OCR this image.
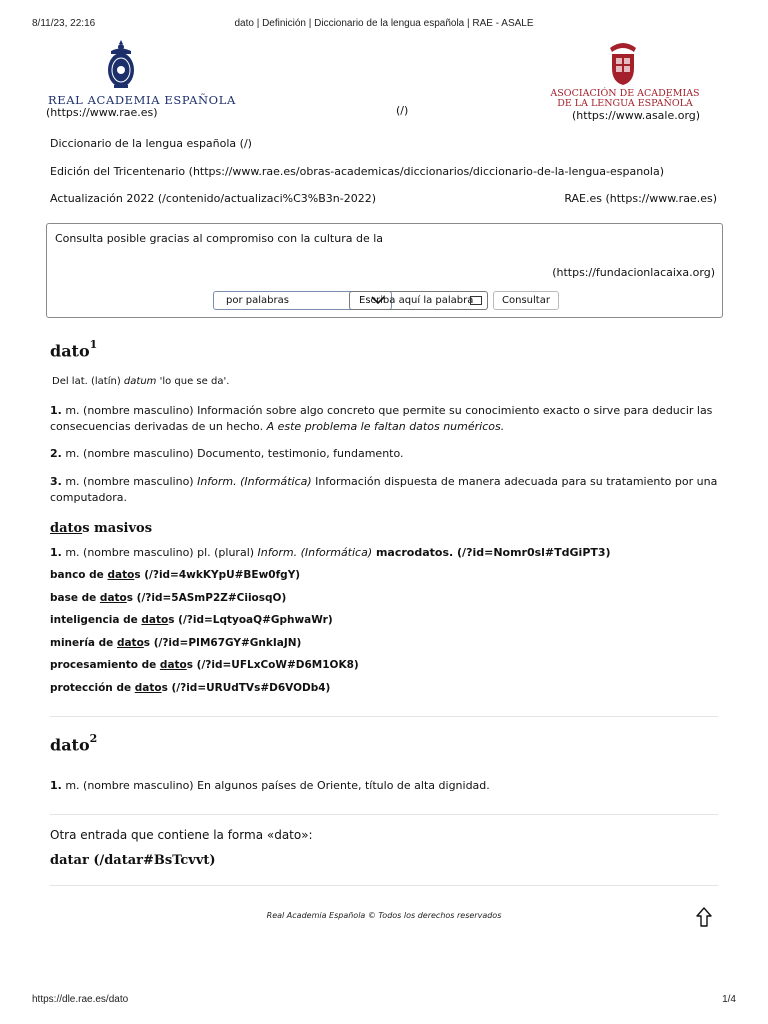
8/11/23, 22:16	dato | Definición | Diccionario de la lengua española | RAE - ASALE
REAL ACADEMIA ESPAÑOLA
(https://www.rae.es)	(/)
ASOCIACIÓN DE ACADEMIAS DE LA LENGUA ESPAÑOLA
(https://www.asale.org)
Diccionario de la lengua española (/)
Edición del Tricentenario (https://www.rae.es/obras-academicas/diccionarios/diccionario-de-la-lengua-espanola)
Actualización 2022 (/contenido/actualizaci%C3%B3n-2022)	RAE.es (https://www.rae.es)
Consulta posible gracias al compromiso con la cultura de la
(https://fundacionlacaixa.org)
por palabras	Escriba aquí la palabra	Consultar
dato$^1$
Del lat. (latín) datum 'lo que se da'.
1. m. (nombre masculino) Información sobre algo concreto que permite su conocimiento exacto o sirve para deducir las consecuencias derivadas de un hecho. A este problema le faltan datos numéricos.
2. m. (nombre masculino) Documento, testimonio, fundamento.
3. m. (nombre masculino) Inform. (Informática) Información dispuesta de manera adecuada para su tratamiento por una computadora.
datos masivos
1. m. (nombre masculino) pl. (plural) Inform. (Informática) macrodatos. (/?id=Nomr0sl#TdGiPT3)
banco de datos (/?id=4wkKYpU#BEw0fgY)
base de datos (/?id=5ASmP2Z#CiiosqO)
inteligencia de datos (/?id=LqtyoaQ#GphwaWr)
minería de datos (/?id=PIM67GY#GnkIaJN)
procesamiento de datos (/?id=UFLxCoW#D6M1OK8)
protección de datos (/?id=URUdTVs#D6VODb4)
dato$^2$
1. m. (nombre masculino) En algunos países de Oriente, título de alta dignidad.
Otra entrada que contiene la forma «dato»:
datar (/datar#BsTcvvt)
Real Academia Española © Todos los derechos reservados
https://dle.rae.es/dato	1/4
